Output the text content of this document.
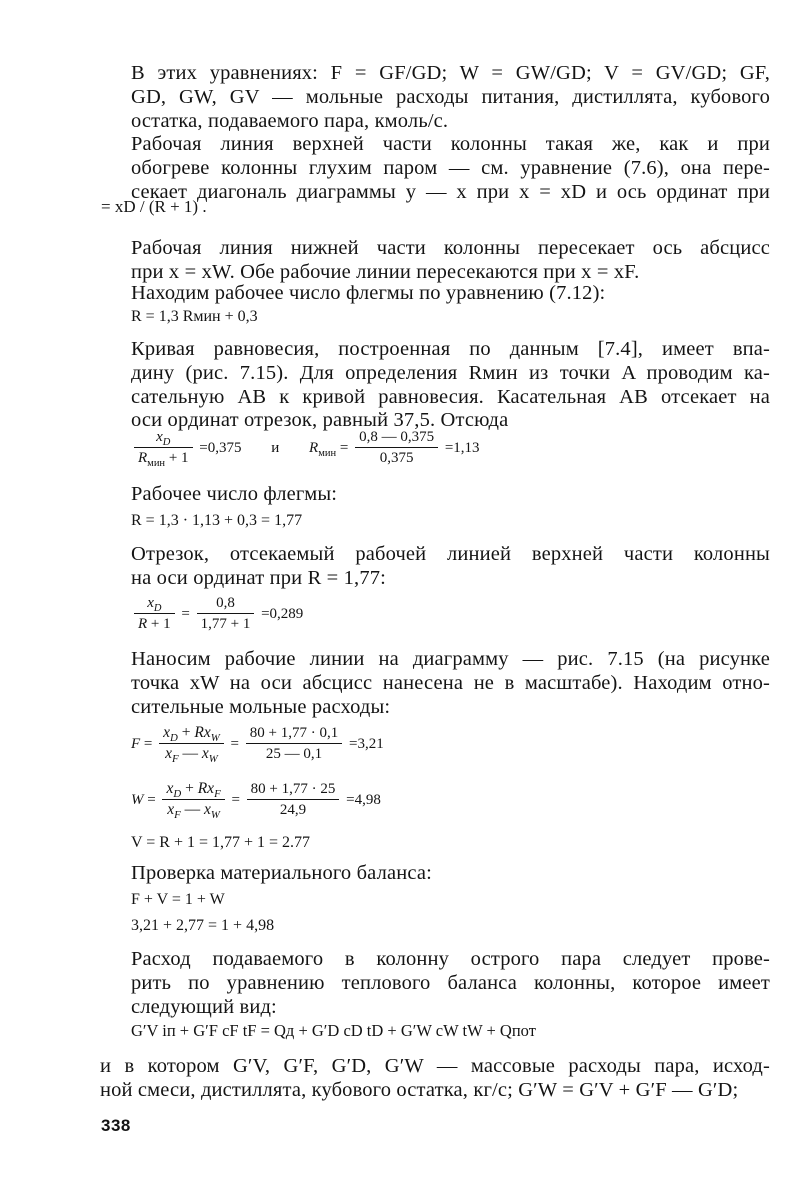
В этих уравнениях: F = GF/GD; W = GW/GD; V = GV/GD; GF,
GD, GW, GV — мольные расходы питания, дистиллята, кубового
остатка, подаваемого пара, кмоль/с.

Рабочая линия верхней части колонны такая же, как и при
обогреве колонны глухим паром — см. уравнение (7.6), она пере-
секает диагональ диаграммы y — x при x = xD и ось ординат при

= xD / (R + 1) .

Рабочая линия нижней части колонны пересекает ось абсцисс
при x = xW. Обе рабочие линии пересекаются при x = xF.

Находим рабочее число флегмы по уравнению (7.12):

R = 1,3 Rмин + 0,3

Кривая равновесия, построенная по данным [7.4], имеет впа-
дину (рис. 7.15). Для определения Rмин из точки A проводим ка-
сательную AB к кривой равновесия. Касательная AB отсекает на
оси ординат отрезок, равный 37,5. Отсюда

$\frac{x_D}{R_{мин} + 1} =0,375$ и $R_{мин} = \frac{0,8 — 0,375}{0,375} =1,13$

Рабочее число флегмы:

R = 1,3 · 1,13 + 0,3 = 1,77

Отрезок, отсекаемый рабочей линией верхней части колонны
на оси ординат при R = 1,77:

$\frac{x_D}{R + 1} = \frac{0,8}{1,77 + 1} =0,289$

Наносим рабочие линии на диаграмму — рис. 7.15 (на рисунке
точка xW на оси абсцисс нанесена не в масштабе). Находим отно-
сительные мольные расходы:

$F = \frac{x_D + Rx_W}{x_F — x_W} = \frac{80 + 1,77 \cdot 0,1}{25 — 0,1} =3,21$
$W = \frac{x_D + Rx_F}{x_F — x_W} = \frac{80 + 1,77 \cdot 25}{24,9} =4,98$
V = R + 1 = 1,77 + 1 = 2.77

Проверка материального баланса:

F + V = 1 + W
3,21 + 2,77 = 1 + 4,98

Расход подаваемого в колонну острого пара следует прове-
рить по уравнению теплового баланса колонны, которое имеет
следующий вид:

G′V iп + G′F cF tF = Qд + G′D cD tD + G′W cW tW + Qпот

и в котором G′V, G′F, G′D, G′W — массовые расходы пара, исход-
ной смеси, дистиллята, кубового остатка, кг/с; G′W = G′V + G′F — G′D;

338
